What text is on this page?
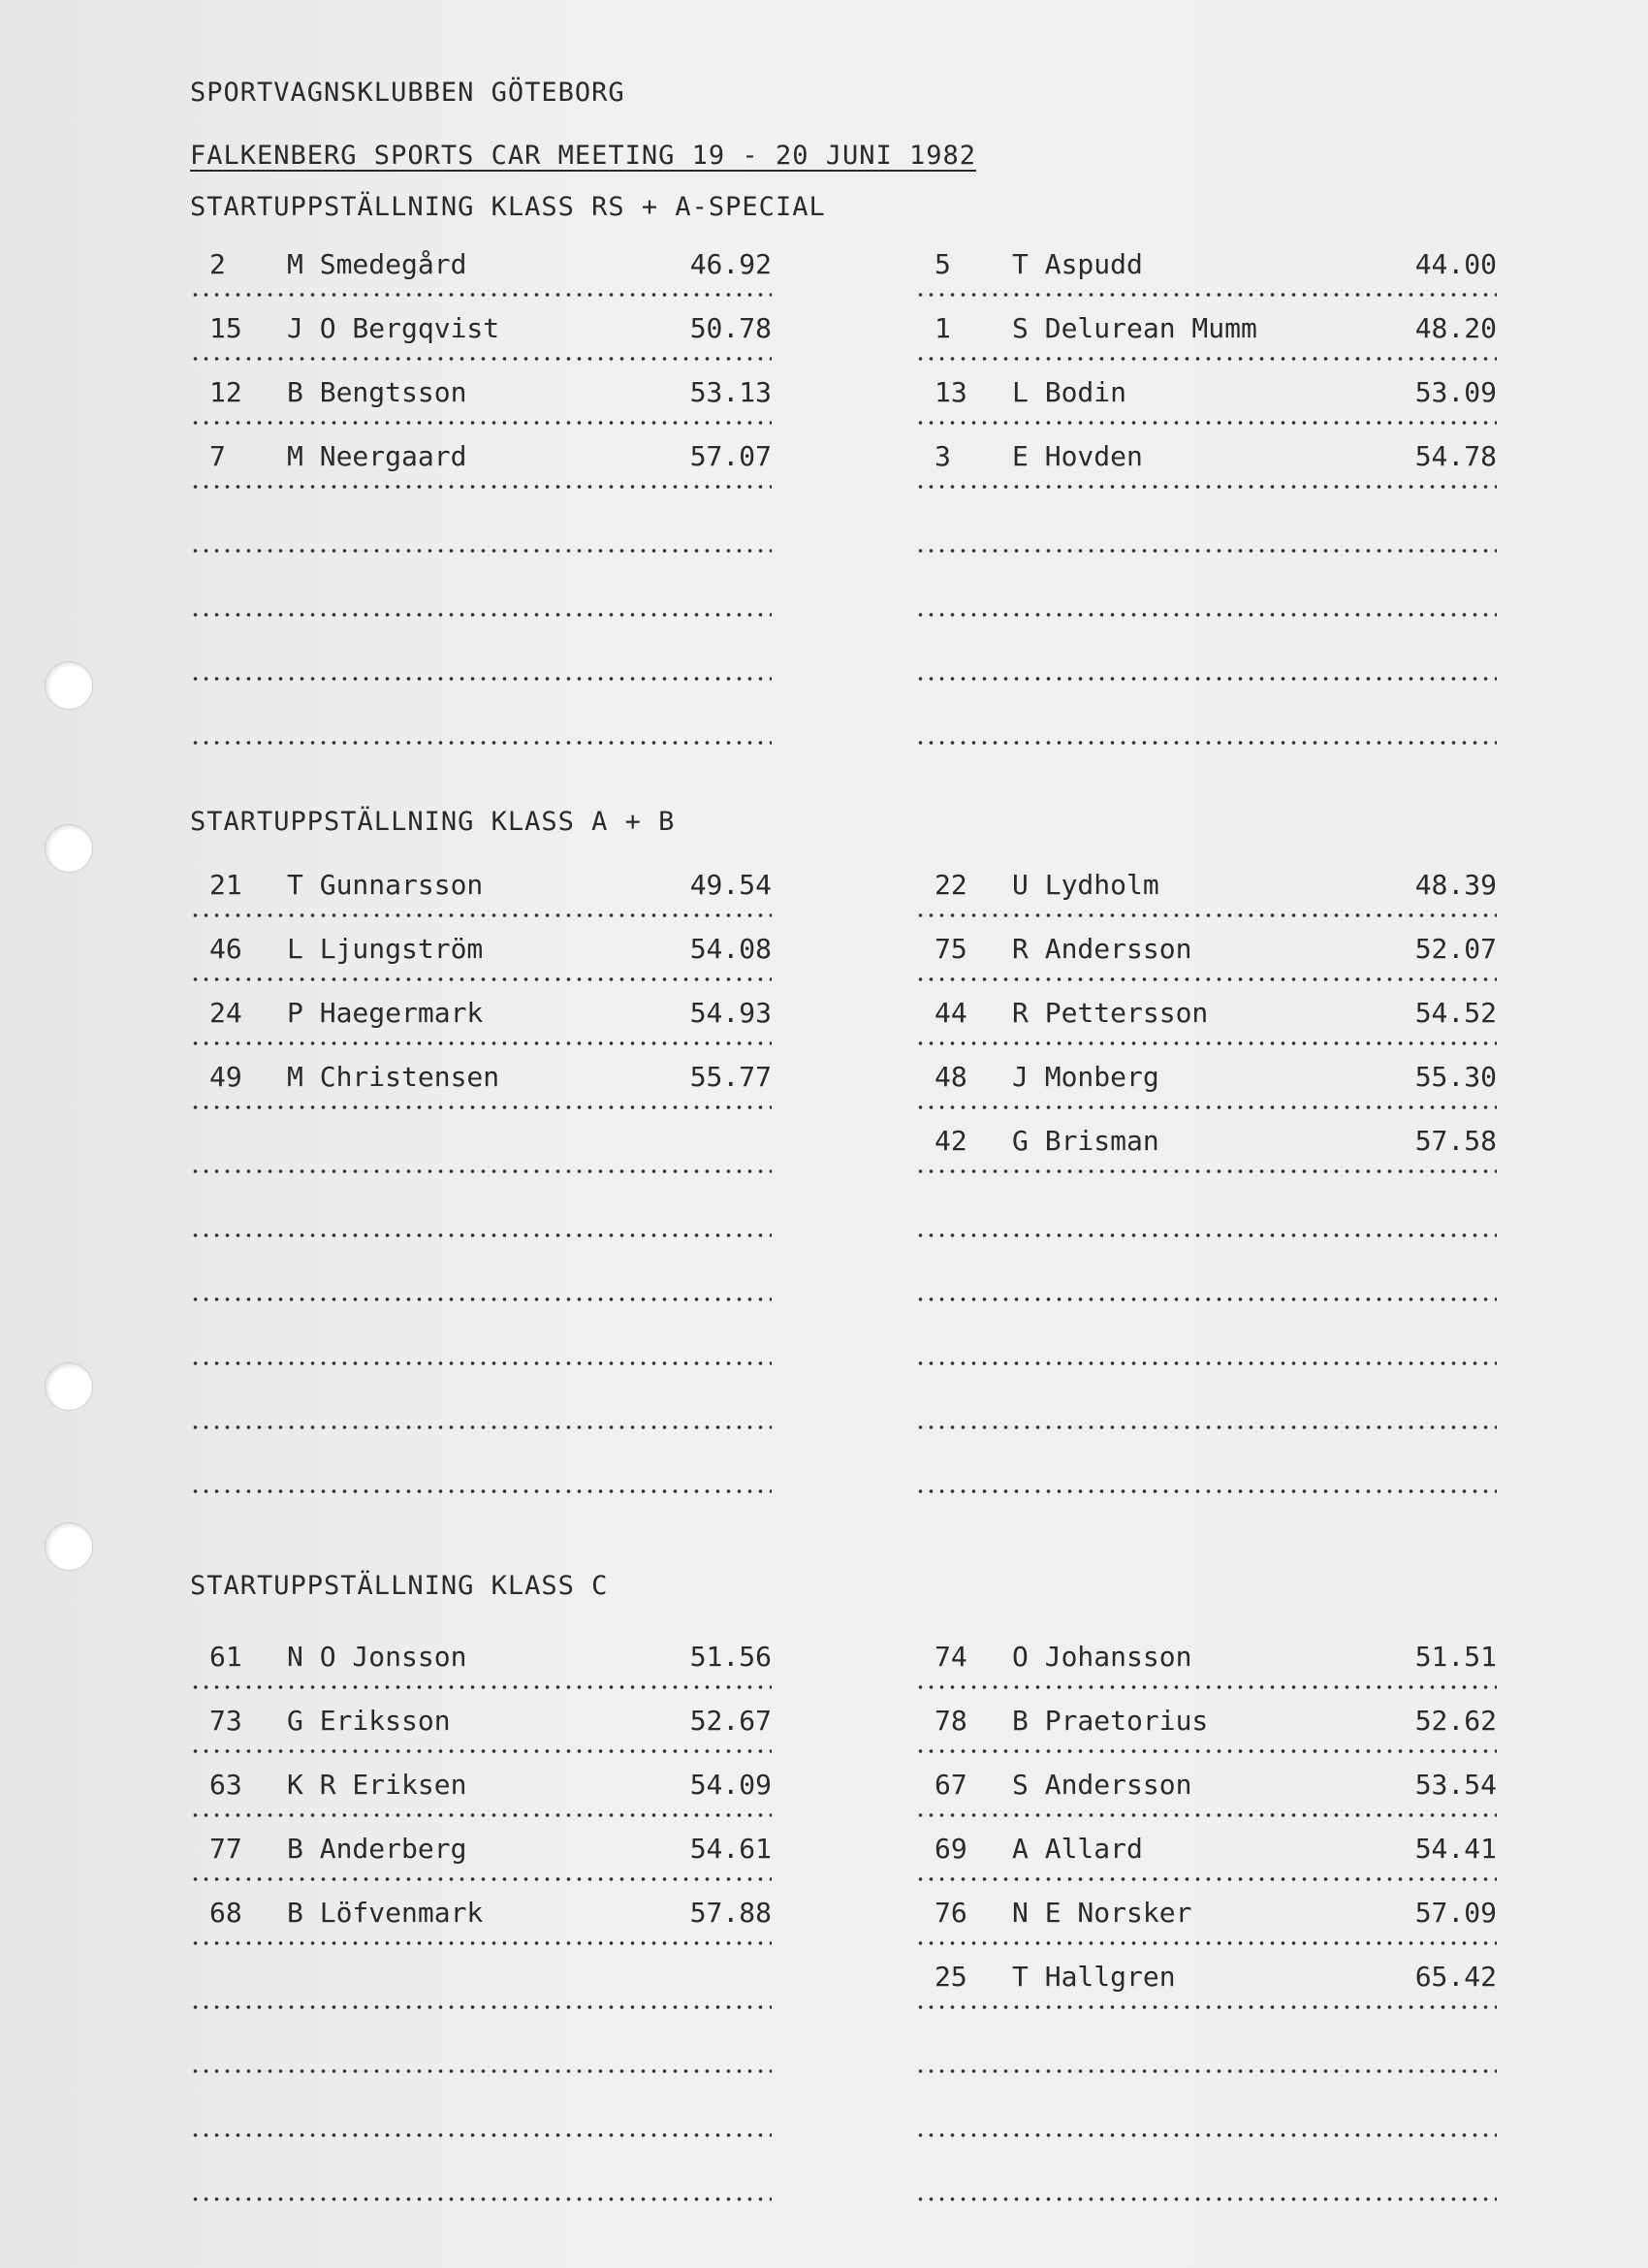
SPORTVAGNSKLUBBEN GÖTEBORG
FALKENBERG SPORTS CAR MEETING 19 - 20 JUNI 1982
STARTUPPSTÄLLNING KLASS RS + A-SPECIAL
2 M Smedegård	46.92
15 J O Bergqvist	50.78
12 B Bengtsson	53.13
7 M Neergaard	57.07
5 T Aspudd	44.00
1 S Delurean Mumm	48.20
13 L Bodin	53.09
3 E Hovden	54.78
STARTUPPSTÄLLNING KLASS A + B
21 T Gunnarsson	49.54
46 L Ljungström	54.08
24 P Haegermark	54.93
49 M Christensen	55.77
22 U Lydholm	48.39
75 R Andersson	52.07
44 R Pettersson	54.52
48 J Monberg	55.30
42 G Brisman	57.58
STARTUPPSTÄLLNING KLASS C
61 N O Jonsson	51.56
73 G Eriksson	52.67
63 K R Eriksen	54.09
77 B Anderberg	54.61
68 B Löfvenmark	57.88
74 O Johansson	51.51
78 B Praetorius	52.62
67 S Andersson	53.54
69 A Allard	54.41
76 N E Norsker	57.09
25 T Hallgren	65.42
